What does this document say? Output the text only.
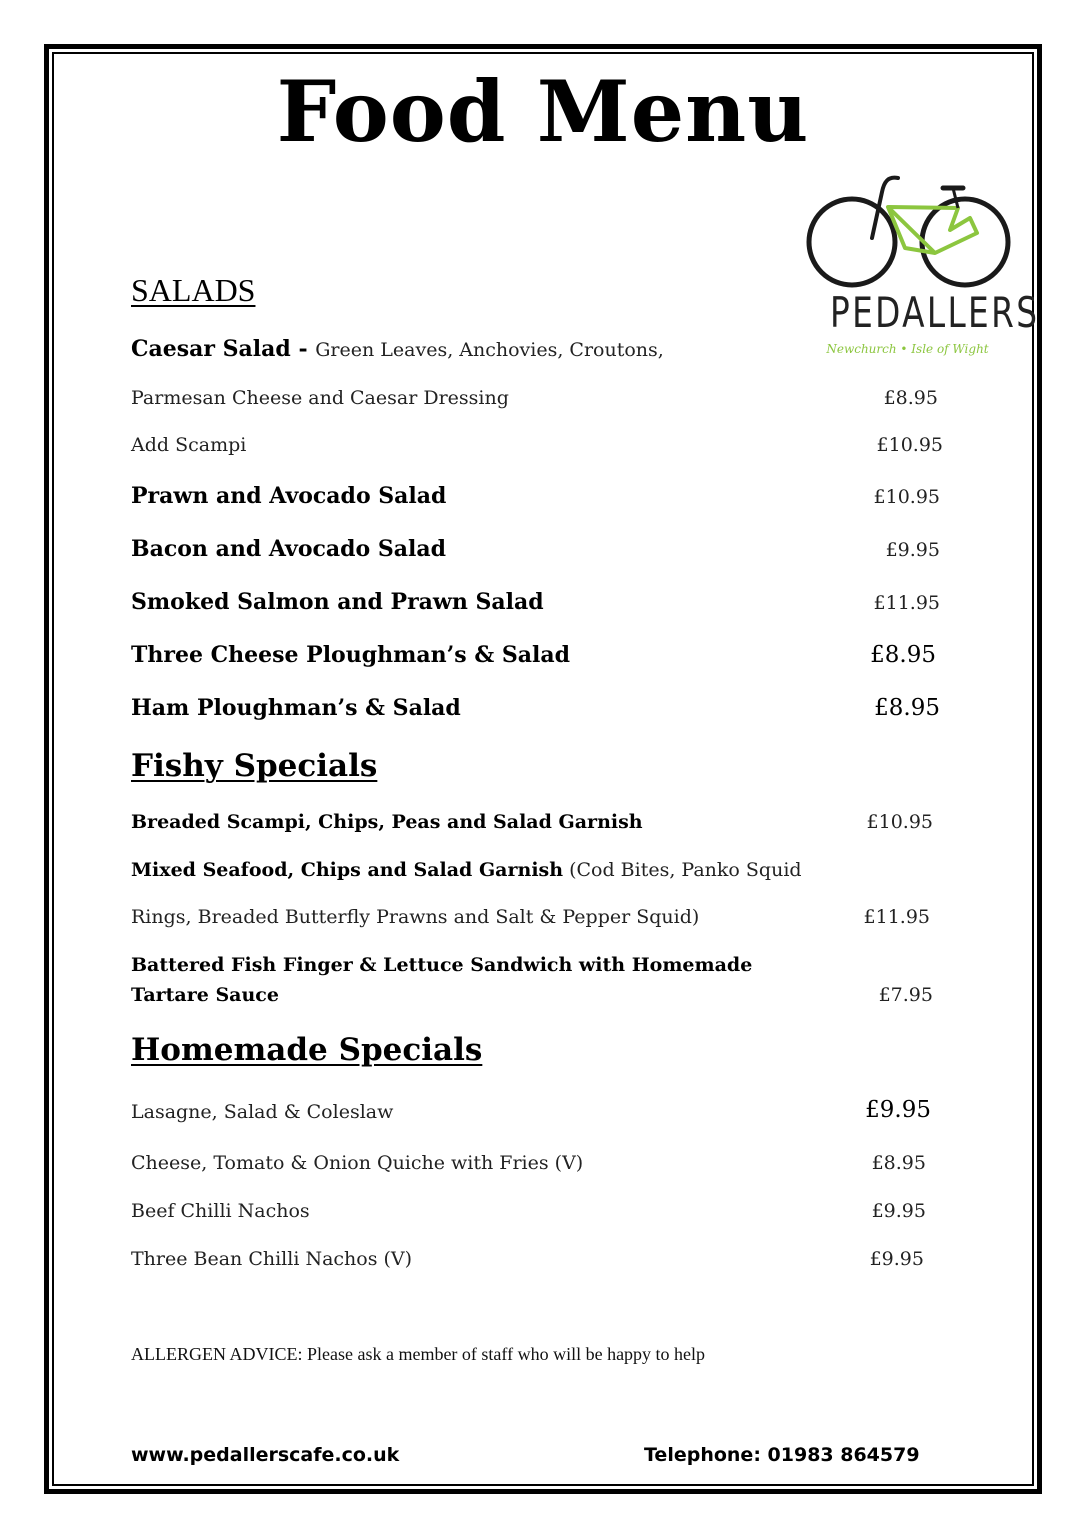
Food Menu
PEDALLERS
Newchurch • Isle of Wight
SALADS
Caesar Salad - Green Leaves, Anchovies, Croutons,
Parmesan Cheese and Caesar Dressing	£8.95
Add Scampi	£10.95
Prawn and Avocado Salad	£10.95
Bacon and Avocado Salad	£9.95
Smoked Salmon and Prawn Salad	£11.95
Three Cheese Ploughman’s & Salad	£8.95
Ham Ploughman’s & Salad	£8.95
Fishy Specials
Breaded Scampi, Chips, Peas and Salad Garnish	£10.95
Mixed Seafood, Chips and Salad Garnish (Cod Bites, Panko Squid
Rings, Breaded Butterfly Prawns and Salt & Pepper Squid)	£11.95
Battered Fish Finger & Lettuce Sandwich with Homemade
Tartare Sauce	£7.95
Homemade Specials
Lasagne, Salad & Coleslaw	£9.95
Cheese, Tomato & Onion Quiche with Fries (V)	£8.95
Beef Chilli Nachos	£9.95
Three Bean Chilli Nachos (V)	£9.95
ALLERGEN ADVICE: Please ask a member of staff who will be happy to help
www.pedallerscafe.co.uk	Telephone: 01983 864579
